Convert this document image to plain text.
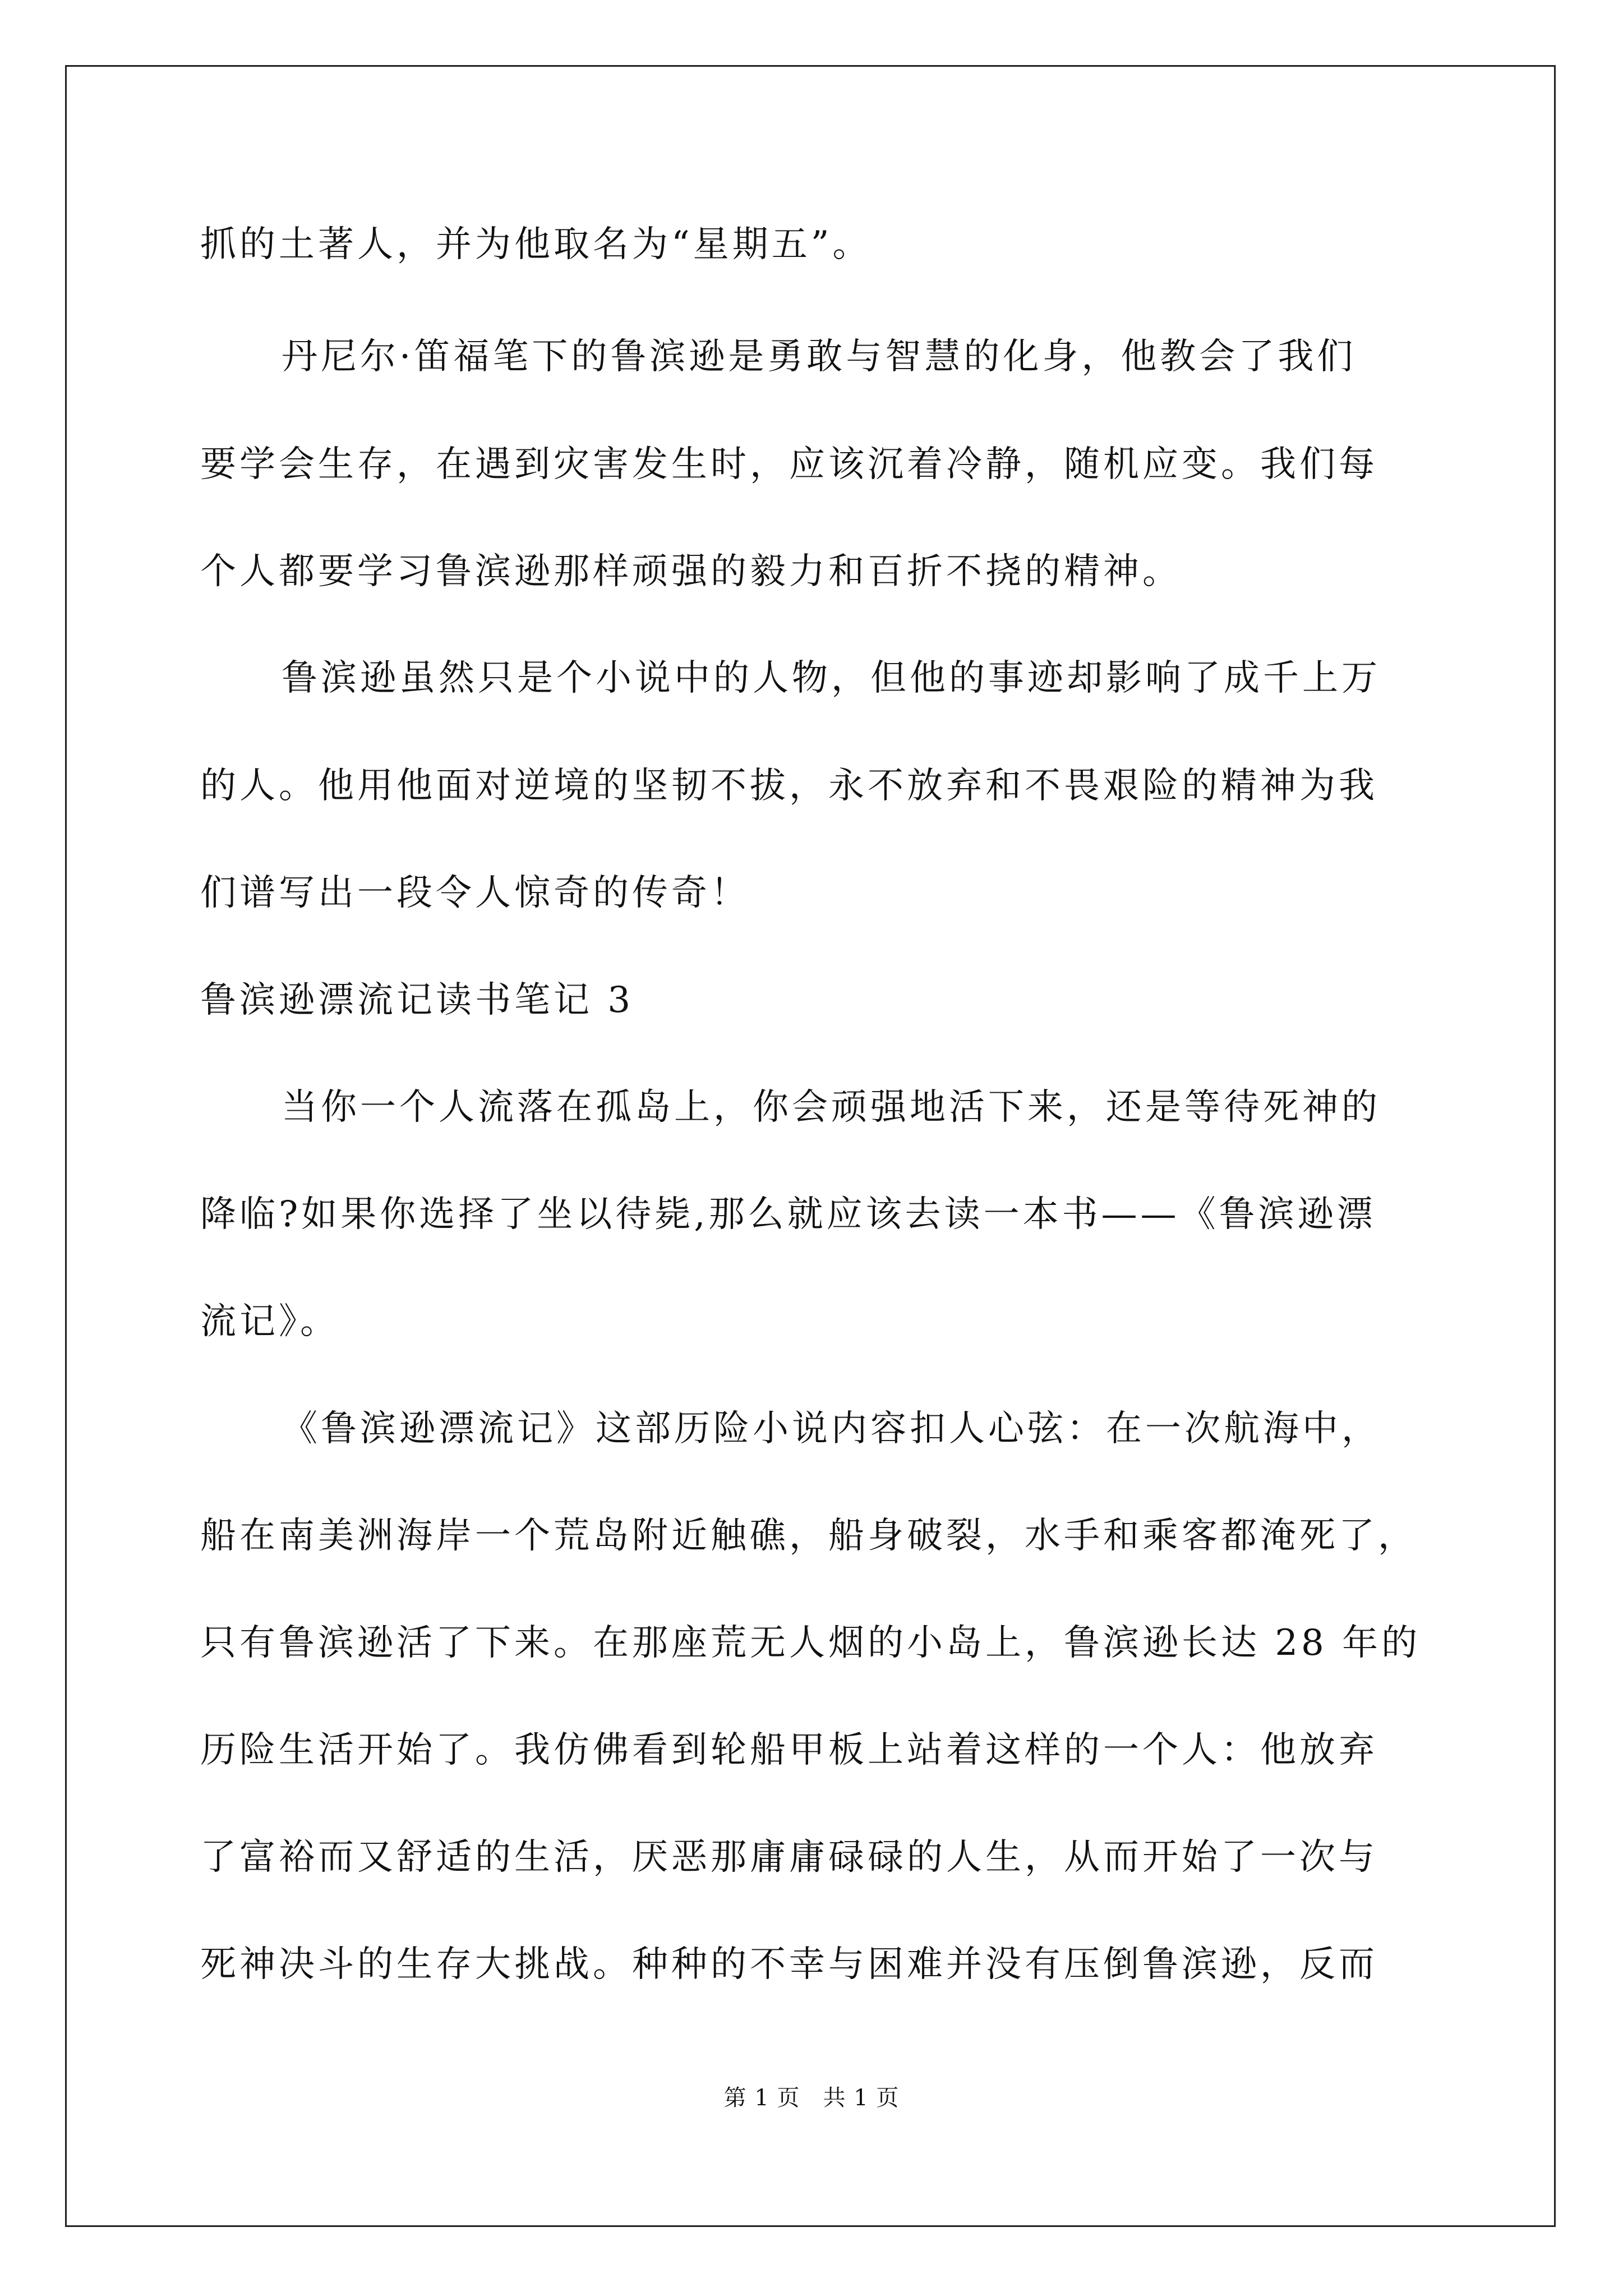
抓的土著人，并为他取名为“星期五”。
丹尼尔·笛福笔下的鲁滨逊是勇敢与智慧的化身，他教会了我们
要学会生存，在遇到灾害发生时，应该沉着冷静，随机应变。我们每
个人都要学习鲁滨逊那样顽强的毅力和百折不挠的精神。
鲁滨逊虽然只是个小说中的人物，但他的事迹却影响了成千上万
的人。他用他面对逆境的坚韧不拔，永不放弃和不畏艰险的精神为我
们谱写出一段令人惊奇的传奇！
鲁滨逊漂流记读书笔记 3
当你一个人流落在孤岛上，你会顽强地活下来，还是等待死神的
降临?如果你选择了坐以待毙,那么就应该去读一本书——《鲁滨逊漂
流记》。
《鲁滨逊漂流记》这部历险小说内容扣人心弦：在一次航海中，
船在南美洲海岸一个荒岛附近触礁，船身破裂，水手和乘客都淹死了，
只有鲁滨逊活了下来。在那座荒无人烟的小岛上，鲁滨逊长达 28 年的
历险生活开始了。我仿佛看到轮船甲板上站着这样的一个人：他放弃
了富裕而又舒适的生活，厌恶那庸庸碌碌的人生，从而开始了一次与
死神决斗的生存大挑战。种种的不幸与困难并没有压倒鲁滨逊，反而
第 1 页　共 1 页
